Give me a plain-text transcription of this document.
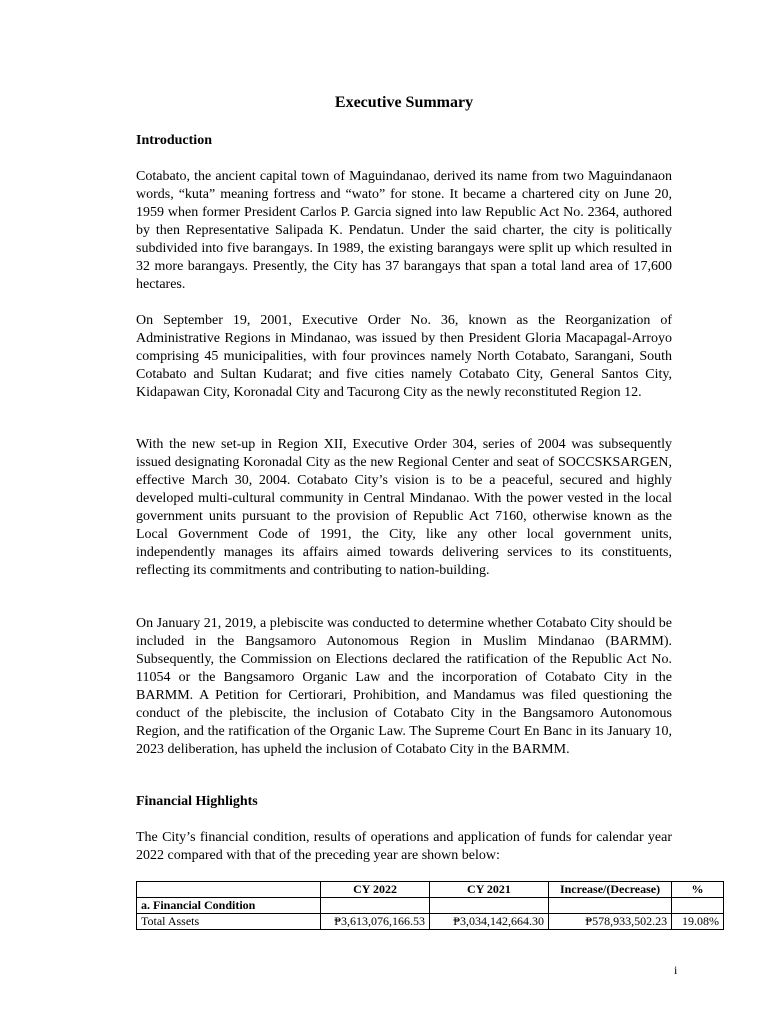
Executive Summary
Introduction

Cotabato, the ancient capital town of Maguindanao, derived its name from two Maguindanaon words, “kuta” meaning fortress and “wato” for stone. It became a chartered city on June 20, 1959 when former President Carlos P. Garcia signed into law Republic Act No. 2364, authored by then Representative Salipada K. Pendatun. Under the said charter, the city is politically subdivided into five barangays. In 1989, the existing barangays were split up which resulted in 32 more barangays. Presently, the City has 37 barangays that span a total land area of 17,600 hectares.

On September 19, 2001, Executive Order No. 36, known as the Reorganization of Administrative Regions in Mindanao, was issued by then President Gloria Macapagal-Arroyo comprising 45 municipalities, with four provinces namely North Cotabato, Sarangani, South Cotabato and Sultan Kudarat; and five cities namely Cotabato City, General Santos City, Kidapawan City, Koronadal City and Tacurong City as the newly reconstituted Region 12.

With the new set-up in Region XII, Executive Order 304, series of 2004 was subsequently issued designating Koronadal City as the new Regional Center and seat of SOCCSKSARGEN, effective March 30, 2004. Cotabato City’s vision is to be a peaceful, secured and highly developed multi-cultural community in Central Mindanao. With the power vested in the local government units pursuant to the provision of Republic Act 7160, otherwise known as the Local Government Code of 1991, the City, like any other local government units, independently manages its affairs aimed towards delivering services to its constituents, reflecting its commitments and contributing to nation-building.

On January 21, 2019, a plebiscite was conducted to determine whether Cotabato City should be included in the Bangsamoro Autonomous Region in Muslim Mindanao (BARMM). Subsequently, the Commission on Elections declared the ratification of the Republic Act No. 11054 or the Bangsamoro Organic Law and the incorporation of Cotabato City in the BARMM. A Petition for Certiorari, Prohibition, and Mandamus was filed questioning the conduct of the plebiscite, the inclusion of Cotabato City in the Bangsamoro Autonomous Region, and the ratification of the Organic Law. The Supreme Court En Banc in its January 10, 2023 deliberation, has upheld the inclusion of Cotabato City in the BARMM.

Financial Highlights

The City’s financial condition, results of operations and application of funds for calendar year 2022 compared with that of the preceding year are shown below:

	CY 2022	CY 2021	Increase/(Decrease)	%
a. Financial Condition				
Total Assets	₱3,613,076,166.53	₱3,034,142,664.30	₱578,933,502.23	19.08%
i
